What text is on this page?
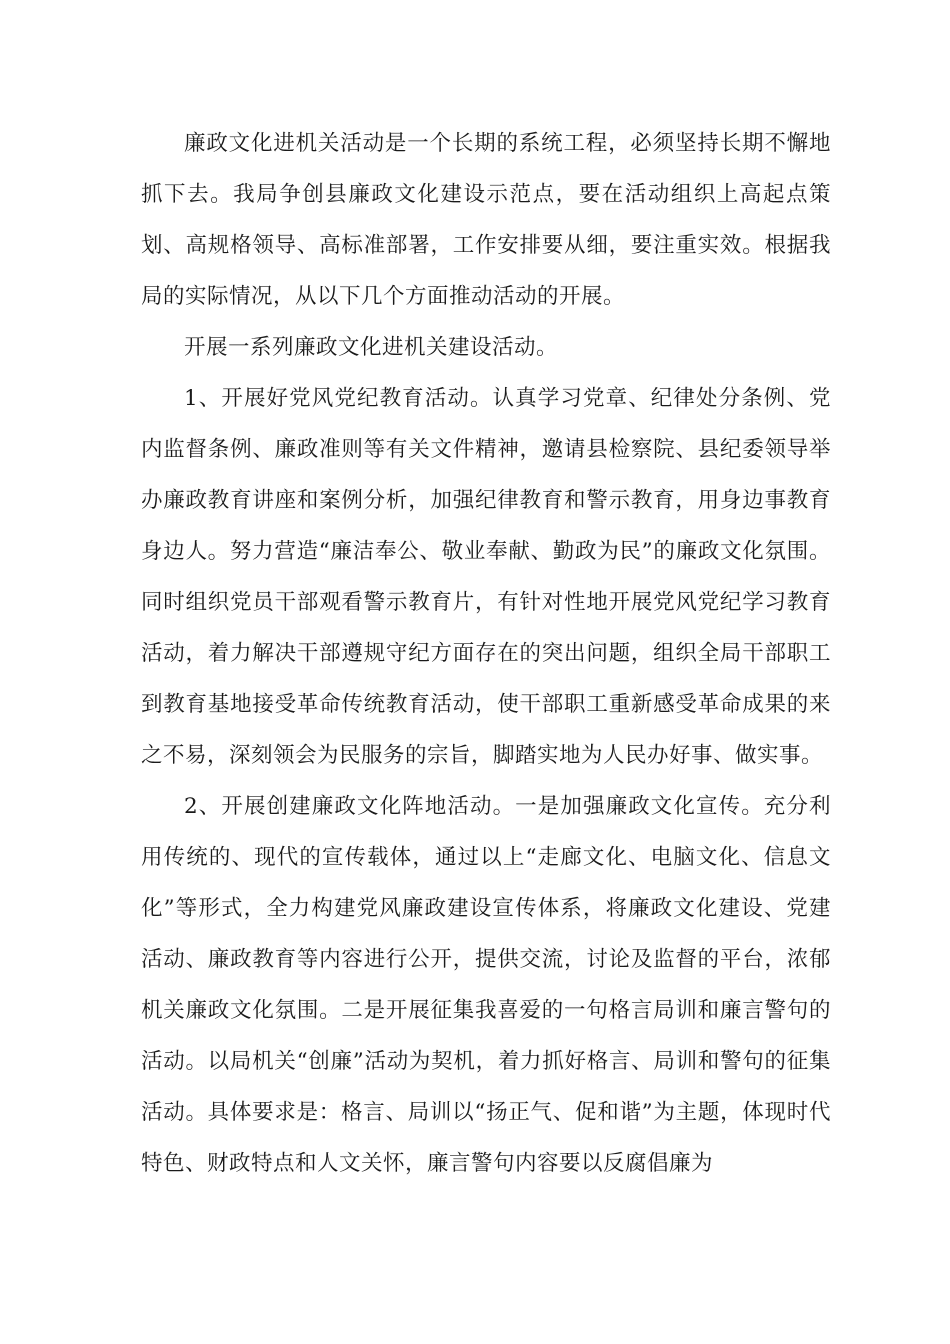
廉政文化进机关活动是一个长期的系统工程，必须坚持长期不懈地抓下去。我局争创县廉政文化建设示范点，要在活动组织上高起点策划、高规格领导、高标准部署，工作安排要从细，要注重实效。根据我局的实际情况，从以下几个方面推动活动的开展。

开展一系列廉政文化进机关建设活动。

1、开展好党风党纪教育活动。认真学习党章、纪律处分条例、党内监督条例、廉政准则等有关文件精神，邀请县检察院、县纪委领导举办廉政教育讲座和案例分析，加强纪律教育和警示教育，用身边事教育身边人。努力营造“廉洁奉公、敬业奉献、勤政为民”的廉政文化氛围。同时组织党员干部观看警示教育片，有针对性地开展党风党纪学习教育活动，着力解决干部遵规守纪方面存在的突出问题，组织全局干部职工到教育基地接受革命传统教育活动，使干部职工重新感受革命成果的来之不易，深刻领会为民服务的宗旨，脚踏实地为人民办好事、做实事。

2、开展创建廉政文化阵地活动。一是加强廉政文化宣传。充分利用传统的、现代的宣传载体，通过以上“走廊文化、电脑文化、信息文化”等形式，全力构建党风廉政建设宣传体系，将廉政文化建设、党建活动、廉政教育等内容进行公开，提供交流，讨论及监督的平台，浓郁机关廉政文化氛围。二是开展征集我喜爱的一句格言局训和廉言警句的活动。以局机关“创廉”活动为契机，着力抓好格言、局训和警句的征集活动。具体要求是：格言、局训以“扬正气、促和谐”为主题，体现时代特色、财政特点和人文关怀，廉言警句内容要以反腐倡廉为
